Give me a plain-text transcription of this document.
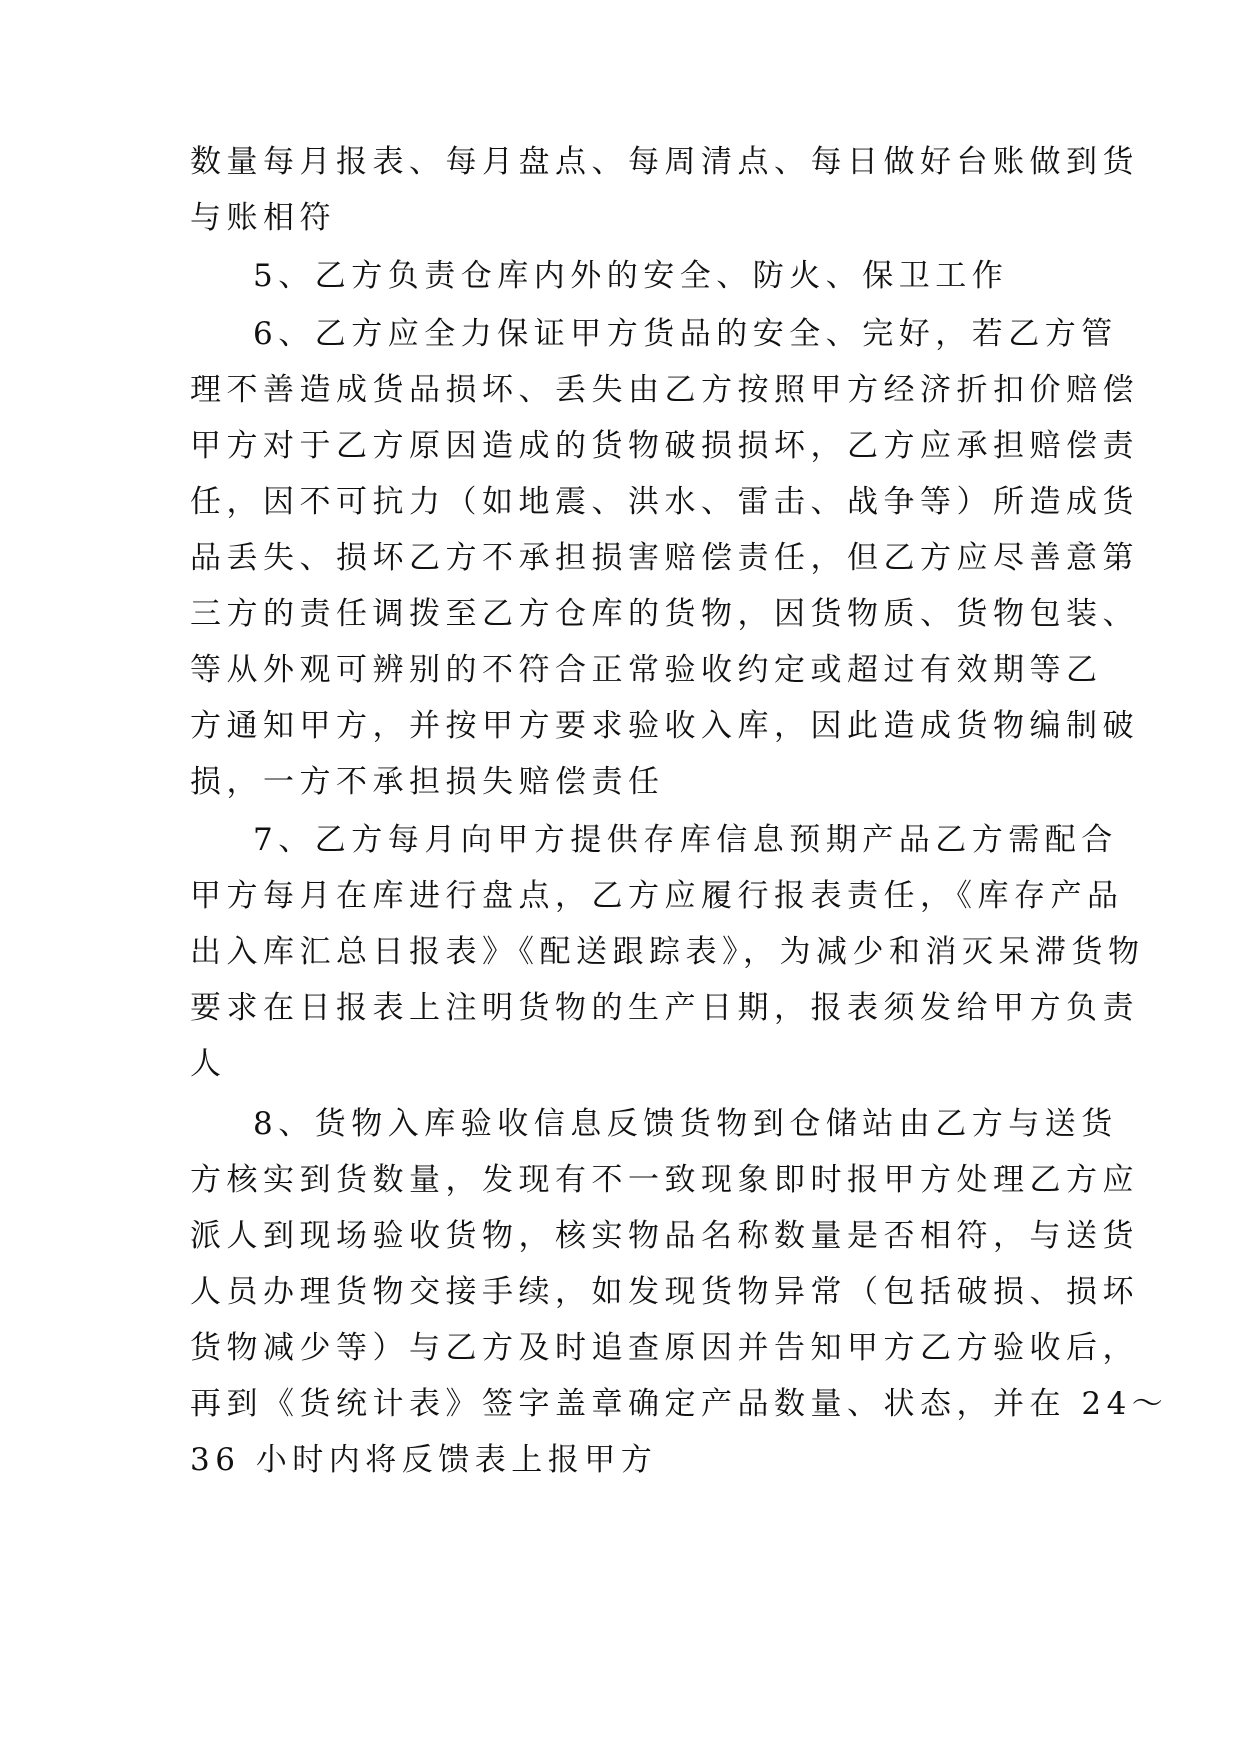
数量每月报表、每月盘点、每周清点、每日做好台账做到货

与账相符

5、乙方负责仓库内外的安全、防火、保卫工作

6、乙方应全力保证甲方货品的安全、完好，若乙方管

理不善造成货品损坏、丢失由乙方按照甲方经济折扣价赔偿

甲方对于乙方原因造成的货物破损损坏，乙方应承担赔偿责

任，因不可抗力（如地震、洪水、雷击、战争等）所造成货

品丢失、损坏乙方不承担损害赔偿责任，但乙方应尽善意第

三方的责任调拨至乙方仓库的货物，因货物质、货物包装、

等从外观可辨别的不符合正常验收约定或超过有效期等乙

方通知甲方，并按甲方要求验收入库，因此造成货物编制破

损，一方不承担损失赔偿责任

7、乙方每月向甲方提供存库信息预期产品乙方需配合

甲方每月在库进行盘点，乙方应履行报表责任，《库存产品

出入库汇总日报表》《配送跟踪表》，为减少和消灭呆滞货物

要求在日报表上注明货物的生产日期，报表须发给甲方负责

人

8、货物入库验收信息反馈货物到仓储站由乙方与送货

方核实到货数量，发现有不一致现象即时报甲方处理乙方应

派人到现场验收货物，核实物品名称数量是否相符，与送货

人员办理货物交接手续，如发现货物异常（包括破损、损坏

货物减少等）与乙方及时追查原因并告知甲方乙方验收后，

再到《货统计表》签字盖章确定产品数量、状态，并在 24～

36 小时内将反馈表上报甲方
